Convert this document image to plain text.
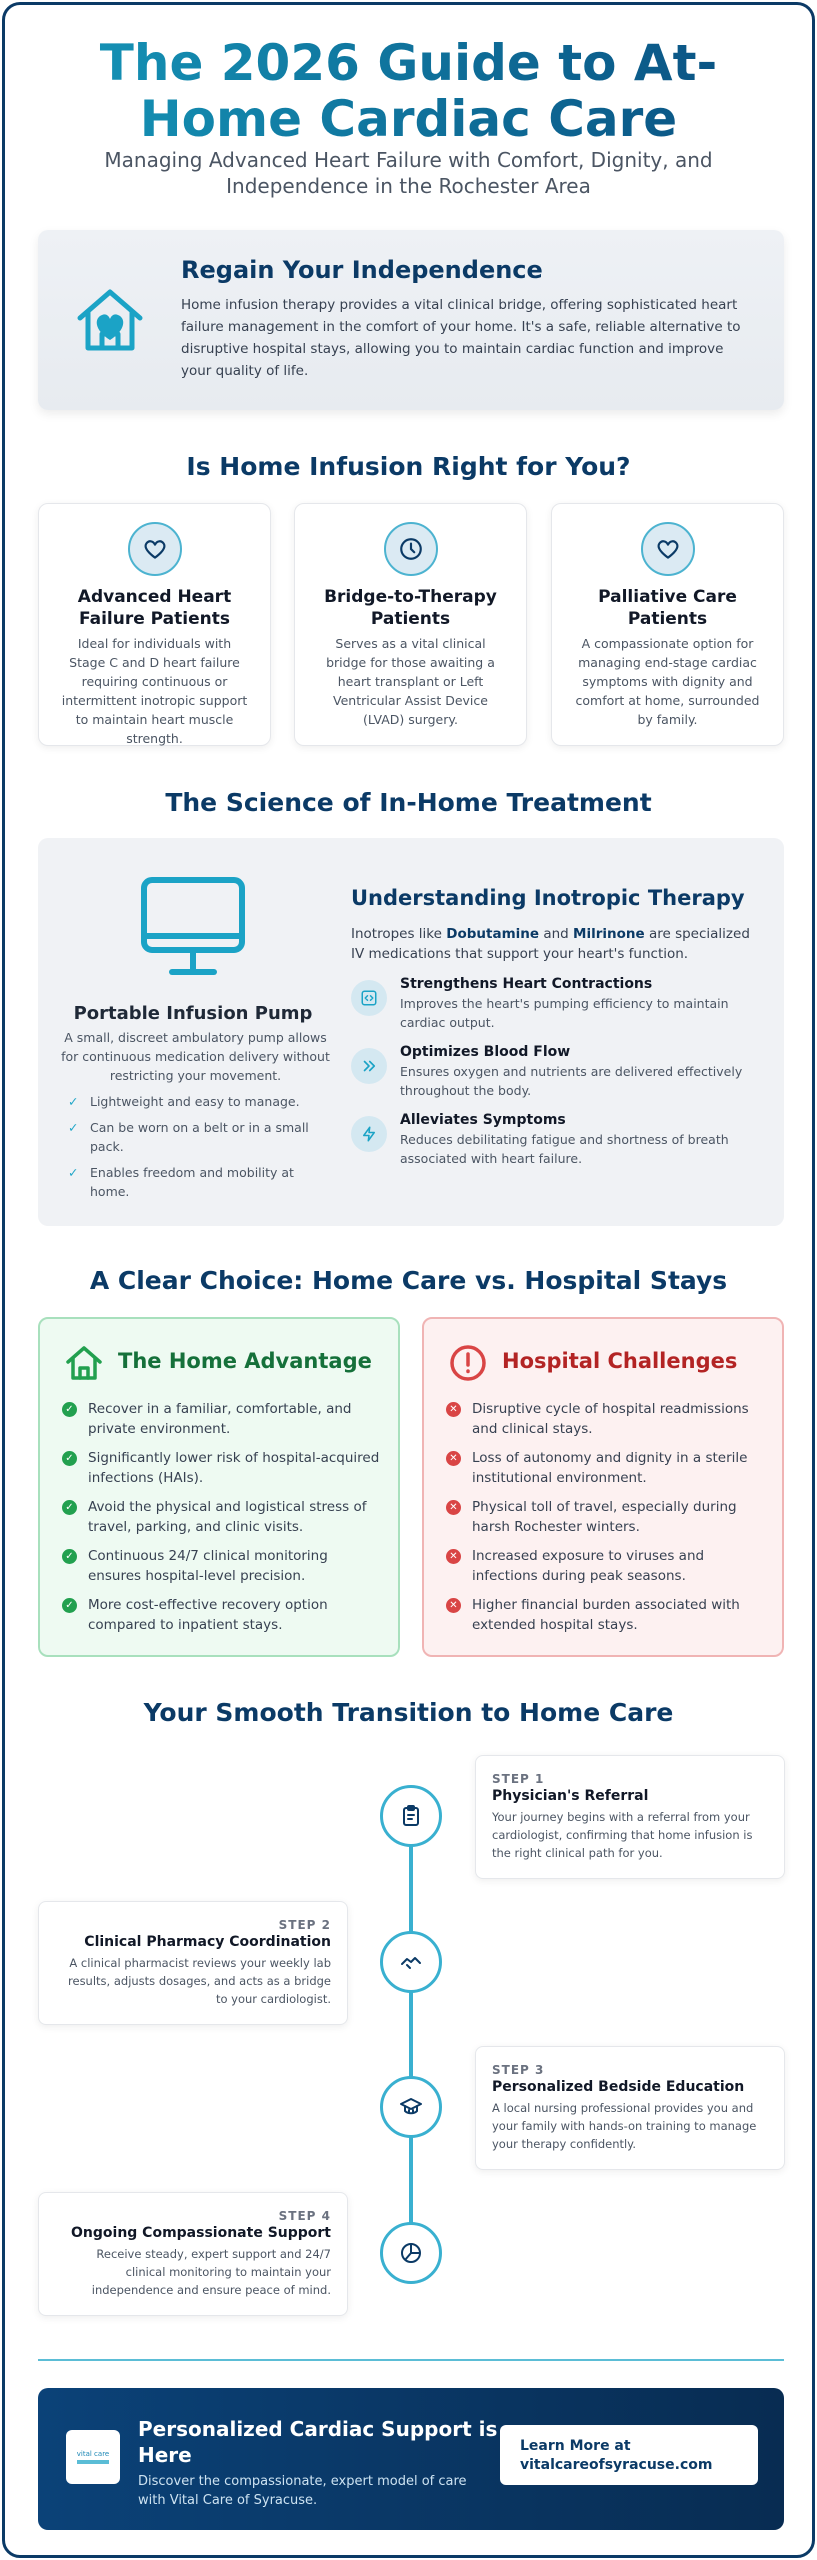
The 2026 Guide to At-Home Cardiac Care

Managing Advanced Heart Failure with Comfort, Dignity, and Independence in the Rochester Area

Regain Your Independence

Home infusion therapy provides a vital clinical bridge, offering sophisticated heart failure management in the comfort of your home. It's a safe, reliable alternative to disruptive hospital stays, allowing you to maintain cardiac function and improve your quality of life.

Is Home Infusion Right for You?
Advanced Heart Failure Patients

Ideal for individuals with Stage C and D heart failure requiring continuous or intermittent inotropic support to maintain heart muscle strength.

Bridge-to-Therapy Patients

Serves as a vital clinical bridge for those awaiting a heart transplant or Left Ventricular Assist Device (LVAD) surgery.

Palliative Care Patients

A compassionate option for managing end-stage cardiac symptoms with dignity and comfort at home, surrounded by family.

The Science of In-Home Treatment
Portable Infusion Pump

A small, discreet ambulatory pump allows for continuous medication delivery without restricting your movement.

✓ Lightweight and easy to manage.
✓ Can be worn on a belt or in a small pack.
✓ Enables freedom and mobility at home.
Understanding Inotropic Therapy

Inotropes like Dobutamine and Milrinone are specialized IV medications that support your heart's function.

Strengthens Heart Contractions

Improves the heart's pumping efficiency to maintain cardiac output.

Optimizes Blood Flow

Ensures oxygen and nutrients are delivered effectively throughout the body.

Alleviates Symptoms

Reduces debilitating fatigue and shortness of breath associated with heart failure.

A Clear Choice: Home Care vs. Hospital Stays
The Home Advantage
✓ Recover in a familiar, comfortable, and private environment.
✓ Significantly lower risk of hospital-acquired infections (HAIs).
✓ Avoid the physical and logistical stress of travel, parking, and clinic visits.
✓ Continuous 24/7 clinical monitoring ensures hospital-level precision.
✓ More cost-effective recovery option compared to inpatient stays.
Hospital Challenges
✕ Disruptive cycle of hospital readmissions and clinical stays.
✕ Loss of autonomy and dignity in a sterile institutional environment.
✕ Physical toll of travel, especially during harsh Rochester winters.
✕ Increased exposure to viruses and infections during peak seasons.
✕ Higher financial burden associated with extended hospital stays.
Your Smooth Transition to Home Care
STEP 1
Physician's Referral

Your journey begins with a referral from your cardiologist, confirming that home infusion is the right clinical path for you.

STEP 2
Clinical Pharmacy Coordination

A clinical pharmacist reviews your weekly lab results, adjusts dosages, and acts as a bridge to your cardiologist.

STEP 3
Personalized Bedside Education

A local nursing professional provides you and your family with hands-on training to manage your therapy confidently.

STEP 4
Ongoing Compassionate Support

Receive steady, expert support and 24/7 clinical monitoring to maintain your independence and ensure peace of mind.

vital care
Personalized Cardiac Support is Here

Discover the compassionate, expert model of care with Vital Care of Syracuse.

Learn More at vitalcareofsyracuse.com
